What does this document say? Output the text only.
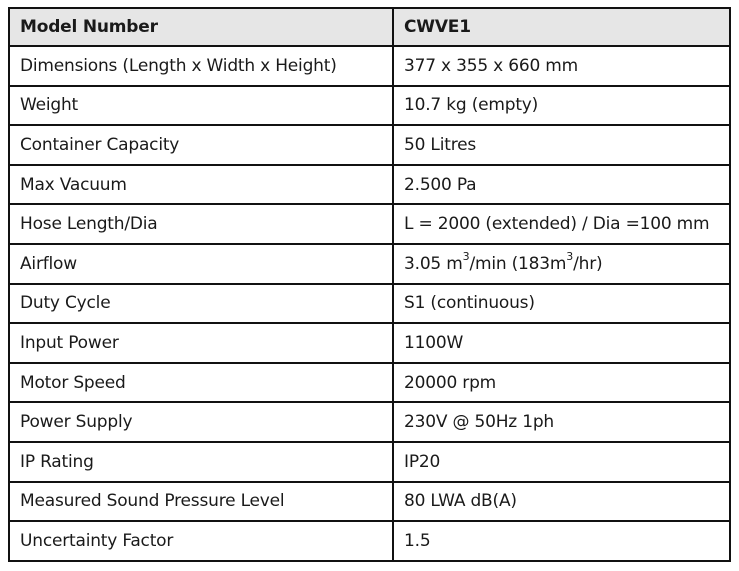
Model Number	CWVE1
Dimensions (Length x Width x Height)	377 x 355 x 660 mm
Weight	10.7 kg (empty)
Container Capacity	50 Litres
Max Vacuum	2.500 Pa
Hose Length/Dia	L = 2000 (extended) / Dia =100 mm
Airflow	3.05 $m^3/\min$ $(183m^3/hr)$
Duty Cycle	S1 (continuous)
Input Power	1100W
Motor Speed	20000 rpm
Power Supply	230V @ 50Hz 1ph
IP Rating	IP20
Measured Sound Pressure Level	80 LWA dB(A)
Uncertainty Factor	1.5
